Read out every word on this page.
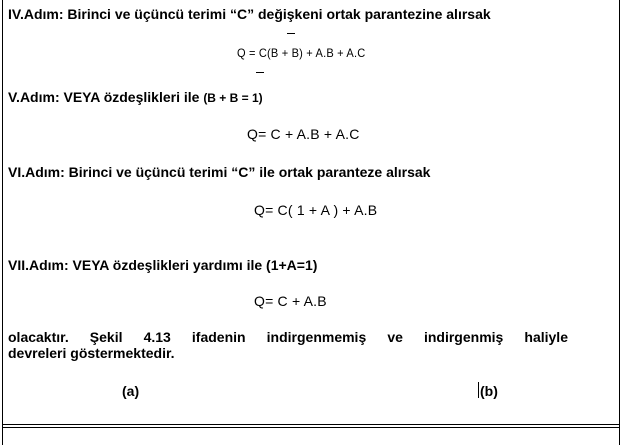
IV.Adım: Birinci ve üçüncü terimi “C” değişkeni ortak parantezine alırsak
Q = C(B + B) + A.B + A.C
V.Adım: VEYA özdeşlikleri ile (B + B = 1)
Q= C + A.B + A.C
VI.Adım: Birinci ve üçüncü terimi “C” ile ortak paranteze alırsak
Q= C( 1 + A ) + A.B
VII.Adım: VEYA özdeşlikleri yardımı ile (1+A=1)
Q= C + A.B
olacaktır. Şekil 4.13 ifadenin indirgenmemiş ve indirgenmiş haliyle
devreleri göstermektedir.
(a)	(b)
